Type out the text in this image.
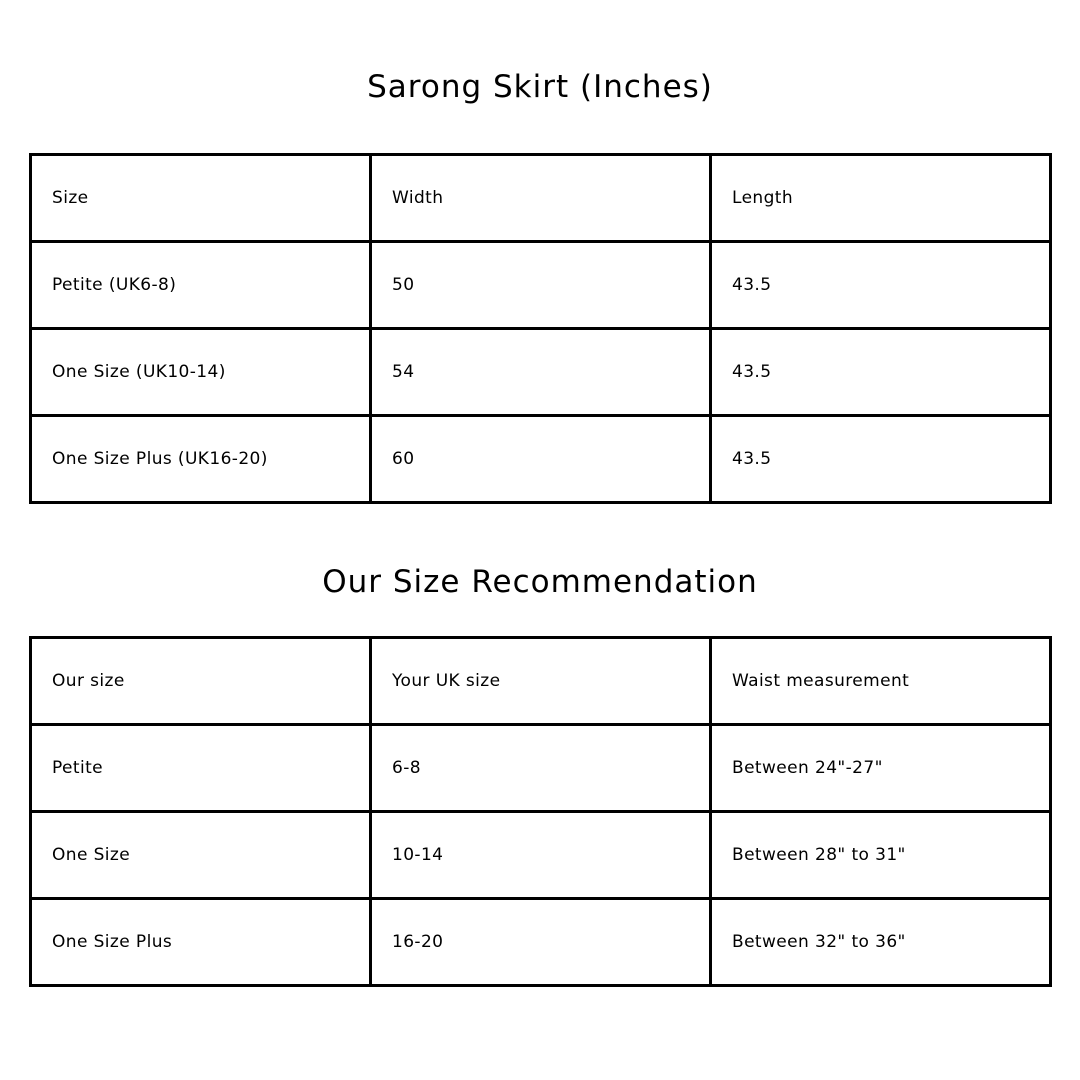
Sarong Skirt (Inches)
Size	Width	Length
Petite (UK6-8)	50	43.5
One Size (UK10-14)	54	43.5
One Size Plus (UK16-20)	60	43.5
Our Size Recommendation
Our size	Your UK size	Waist measurement
Petite	6-8	Between 24"-27"
One Size	10-14	Between 28" to 31"
One Size Plus	16-20	Between 32" to 36"
